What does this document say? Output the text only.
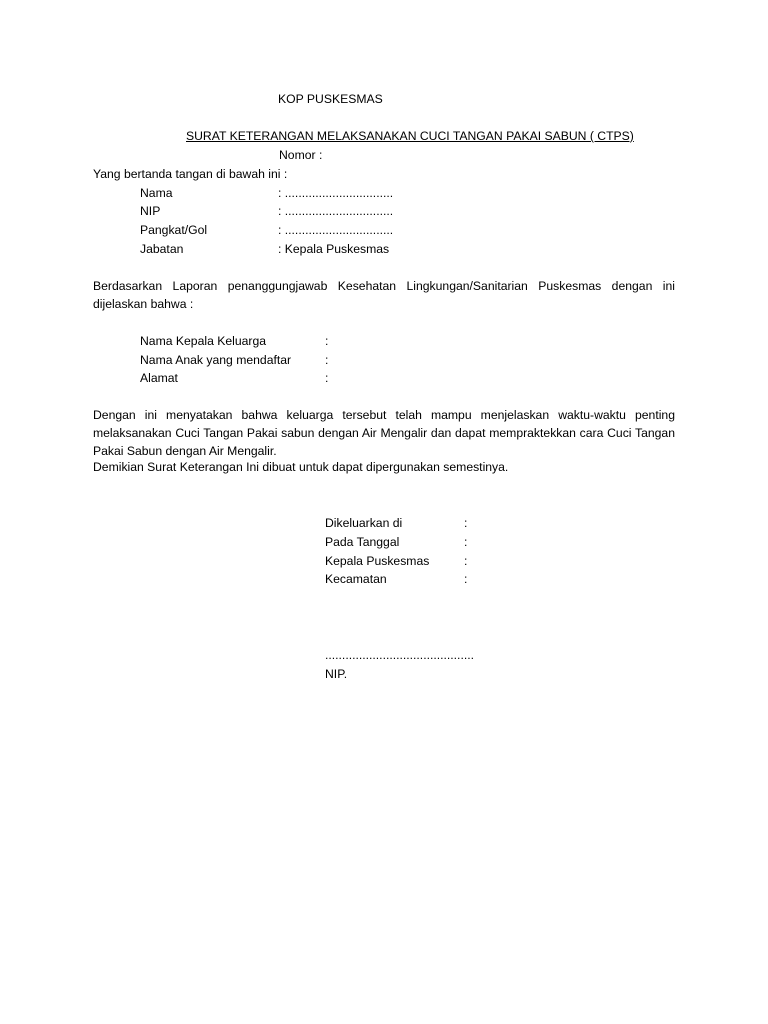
KOP PUSKESMAS
SURAT KETERANGAN MELAKSANAKAN CUCI TANGAN PAKAI SABUN ( CTPS)
Nomor :
Yang bertanda tangan di bawah ini :
Nama	: ................................
NIP	: ................................
Pangkat/Gol	: ................................
Jabatan	: Kepala Puskesmas
Berdasarkan Laporan penanggungjawab Kesehatan Lingkungan/Sanitarian Puskesmas dengan ini dijelaskan bahwa :
Nama Kepala Keluarga	:
Nama Anak yang mendaftar	:
Alamat	:
Dengan ini menyatakan bahwa keluarga tersebut telah mampu menjelaskan waktu-waktu penting melaksanakan Cuci Tangan Pakai sabun dengan Air Mengalir dan dapat mempraktekkan cara Cuci Tangan Pakai Sabun dengan Air Mengalir.
Demikian Surat Keterangan Ini dibuat untuk dapat dipergunakan semestinya.
Dikeluarkan di	:
Pada Tanggal	:
Kepala Puskesmas	:
Kecamatan	:
............................................
NIP.
